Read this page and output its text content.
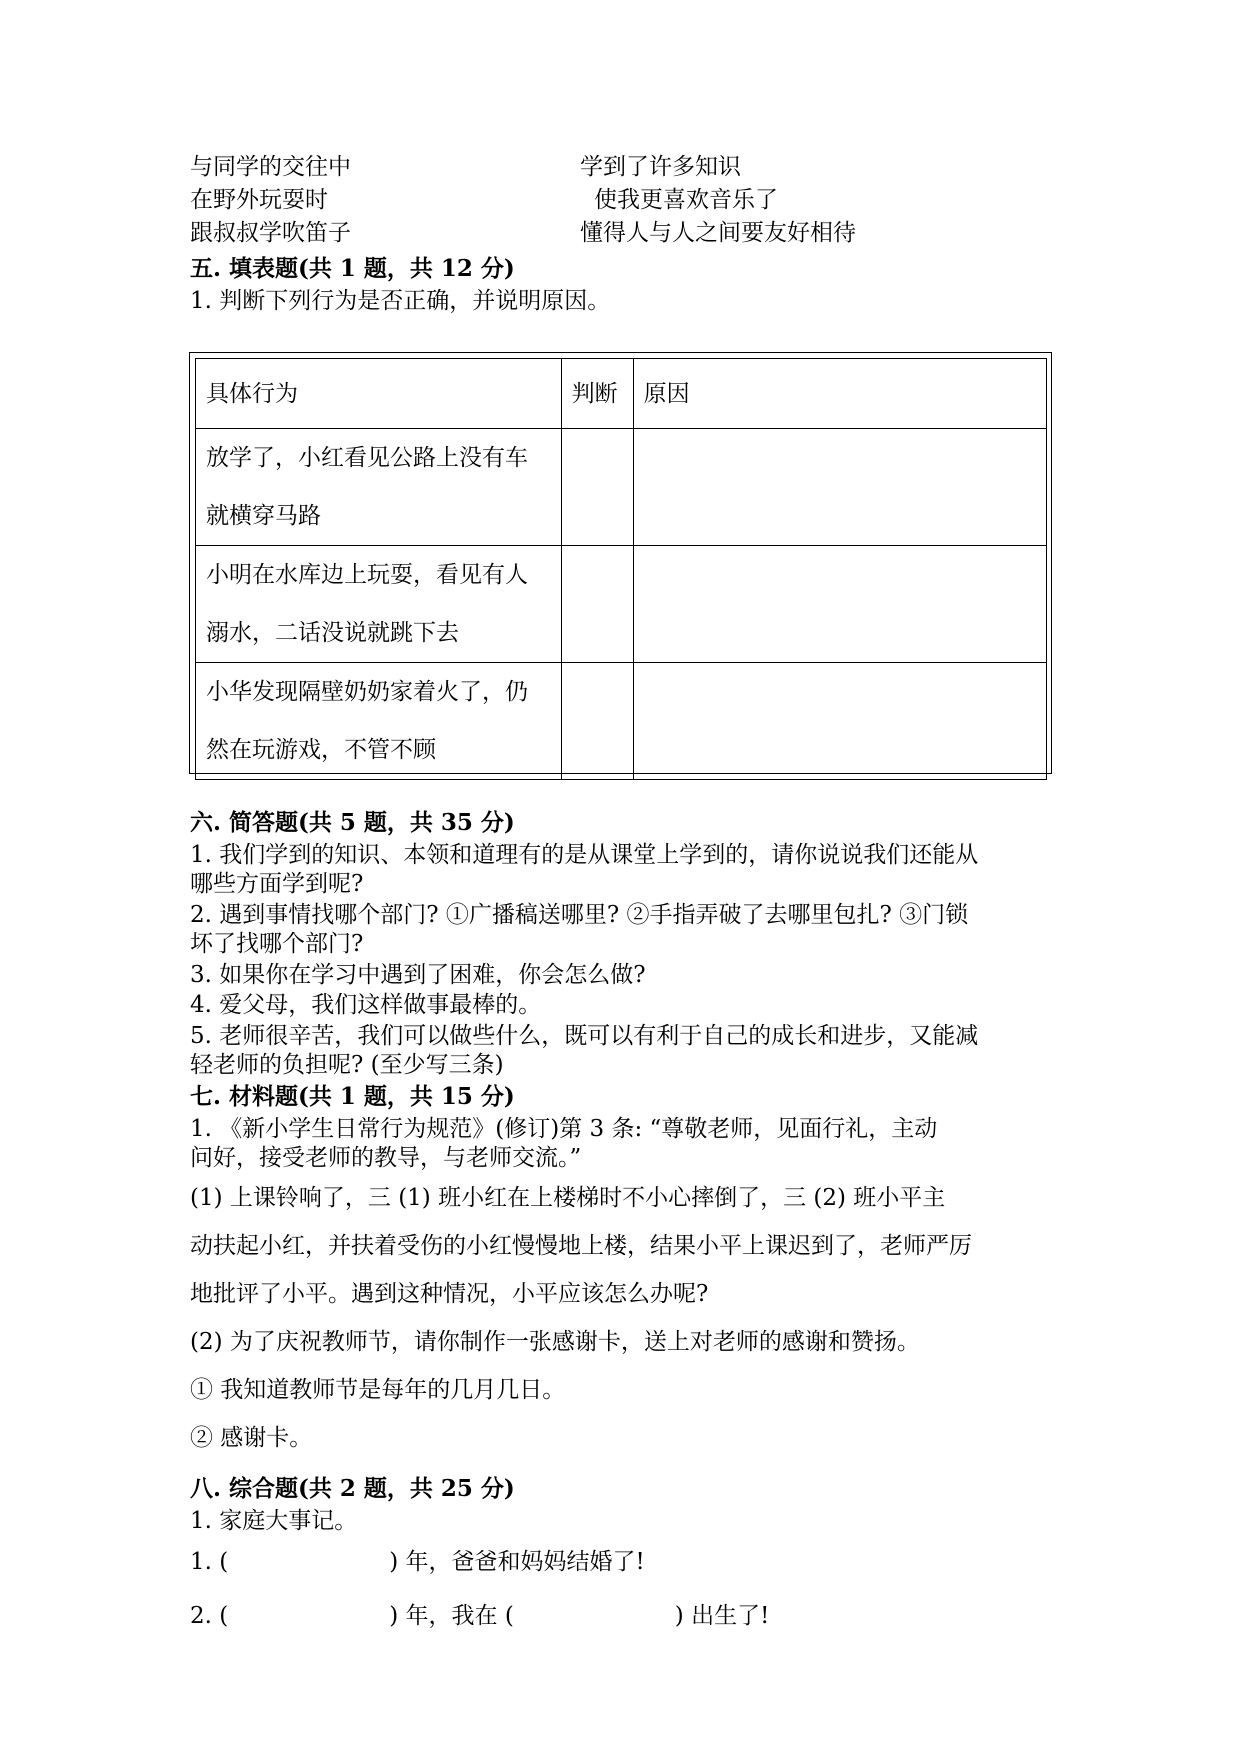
与同学的交往中	学到了许多知识
在野外玩耍时	使我更喜欢音乐了
跟叔叔学吹笛子	懂得人与人之间要友好相待
五. 填表题(共 1 题，共 12 分)
1. 判断下列行为是否正确，并说明原因。
具体行为	判断	原因

放学了，小红看见公路上没有车就横穿马路		

小明在水库边上玩耍，看见有人溺水，二话没说就跳下去		

小华发现隔壁奶奶家着火了，仍然在玩游戏，不管不顾		

六. 简答题(共 5 题，共 35 分)
1. 我们学到的知识、本领和道理有的是从课堂上学到的，请你说说我们还能从
哪些方面学到呢?
2. 遇到事情找哪个部门? ①广播稿送哪里? ②手指弄破了去哪里包扎? ③门锁
坏了找哪个部门?
3. 如果你在学习中遇到了困难，你会怎么做?
4. 爱父母，我们这样做事最棒的。
5. 老师很辛苦，我们可以做些什么，既可以有利于自己的成长和进步，又能减
轻老师的负担呢? (至少写三条)
七. 材料题(共 1 题，共 15 分)
1. 《新小学生日常行为规范》(修订)第 3 条: “尊敬老师，见面行礼，主动
问好，接受老师的教导，与老师交流。”
(1) 上课铃响了，三 (1) 班小红在上楼梯时不小心摔倒了，三 (2) 班小平主
动扶起小红，并扶着受伤的小红慢慢地上楼，结果小平上课迟到了，老师严厉
地批评了小平。遇到这种情况，小平应该怎么办呢?
(2) 为了庆祝教师节，请你制作一张感谢卡，送上对老师的感谢和赞扬。
① 我知道教师节是每年的几月几日。
② 感谢卡。
八. 综合题(共 2 题，共 25 分)
1. 家庭大事记。
1. (　　　　　　　) 年，爸爸和妈妈结婚了!
2. (　　　　　　　) 年，我在 (　　　　　　　) 出生了!
